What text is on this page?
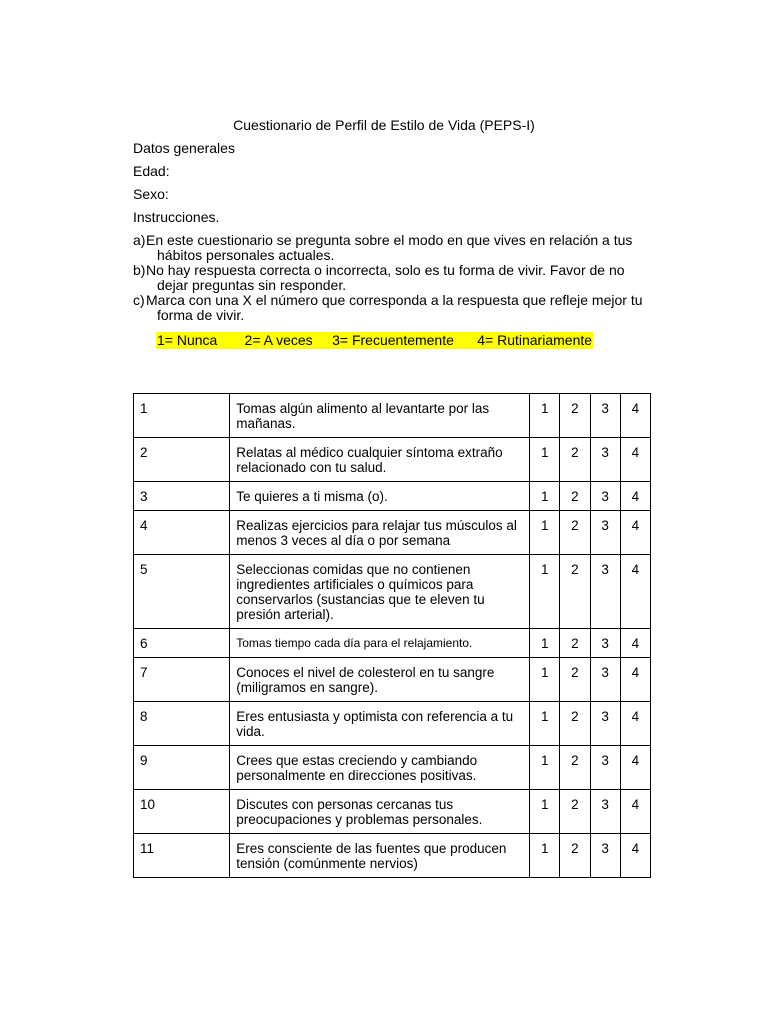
Cuestionario de Perfil de Estilo de Vida (PEPS-I)
Datos generales
Edad:
Sexo:
Instrucciones.
a) En este cuestionario se pregunta sobre el modo en que vives en relación a tus
hábitos personales actuales.
b) No hay respuesta correcta o incorrecta, solo es tu forma de vivir. Favor de no
dejar preguntas sin responder.
c) Marca con una X el número que corresponda a la respuesta que refleje mejor tu
forma de vivir.
1= Nunca       2= A veces     3= Frecuentemente      4= Rutinariamente
1	Tomas algún alimento al levantarte por las mañanas.	1	2	3	4
2	Relatas al médico cualquier síntoma extraño relacionado con tu salud.	1	2	3	4
3	Te quieres a ti misma (o).	1	2	3	4
4	Realizas ejercicios para relajar tus músculos al menos 3 veces al día o por semana	1	2	3	4
5	Seleccionas comidas que no contienen ingredientes artificiales o químicos para conservarlos (sustancias que te eleven tu presión arterial).	1	2	3	4
6	Tomas tiempo cada día para el relajamiento.	1	2	3	4
7	Conoces el nivel de colesterol en tu sangre (miligramos en sangre).	1	2	3	4
8	Eres entusiasta y optimista con referencia a tu vida.	1	2	3	4
9	Crees que estas creciendo y cambiando personalmente en direcciones positivas.	1	2	3	4
10	Discutes con personas cercanas tus preocupaciones y problemas personales.	1	2	3	4
11	Eres consciente de las fuentes que producen tensión (comúnmente nervios)	1	2	3	4
